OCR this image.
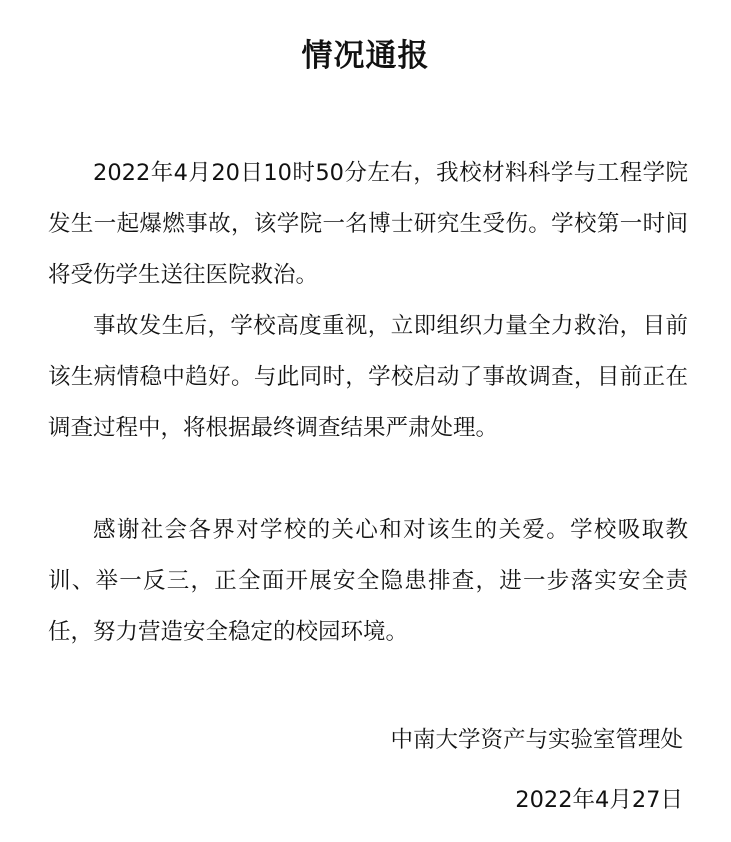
情况通报

2022年4月20日10时50分左右，我校材料科学与工程学院发生一起爆燃事故，该学院一名博士研究生受伤。学校第一时间将受伤学生送往医院救治。

事故发生后，学校高度重视，立即组织力量全力救治，目前该生病情稳中趋好。与此同时，学校启动了事故调查，目前正在调查过程中，将根据最终调查结果严肃处理。

感谢社会各界对学校的关心和对该生的关爱。学校吸取教训、举一反三，正全面开展安全隐患排查，进一步落实安全责任，努力营造安全稳定的校园环境。

中南大学资产与实验室管理处
2022年4月27日
